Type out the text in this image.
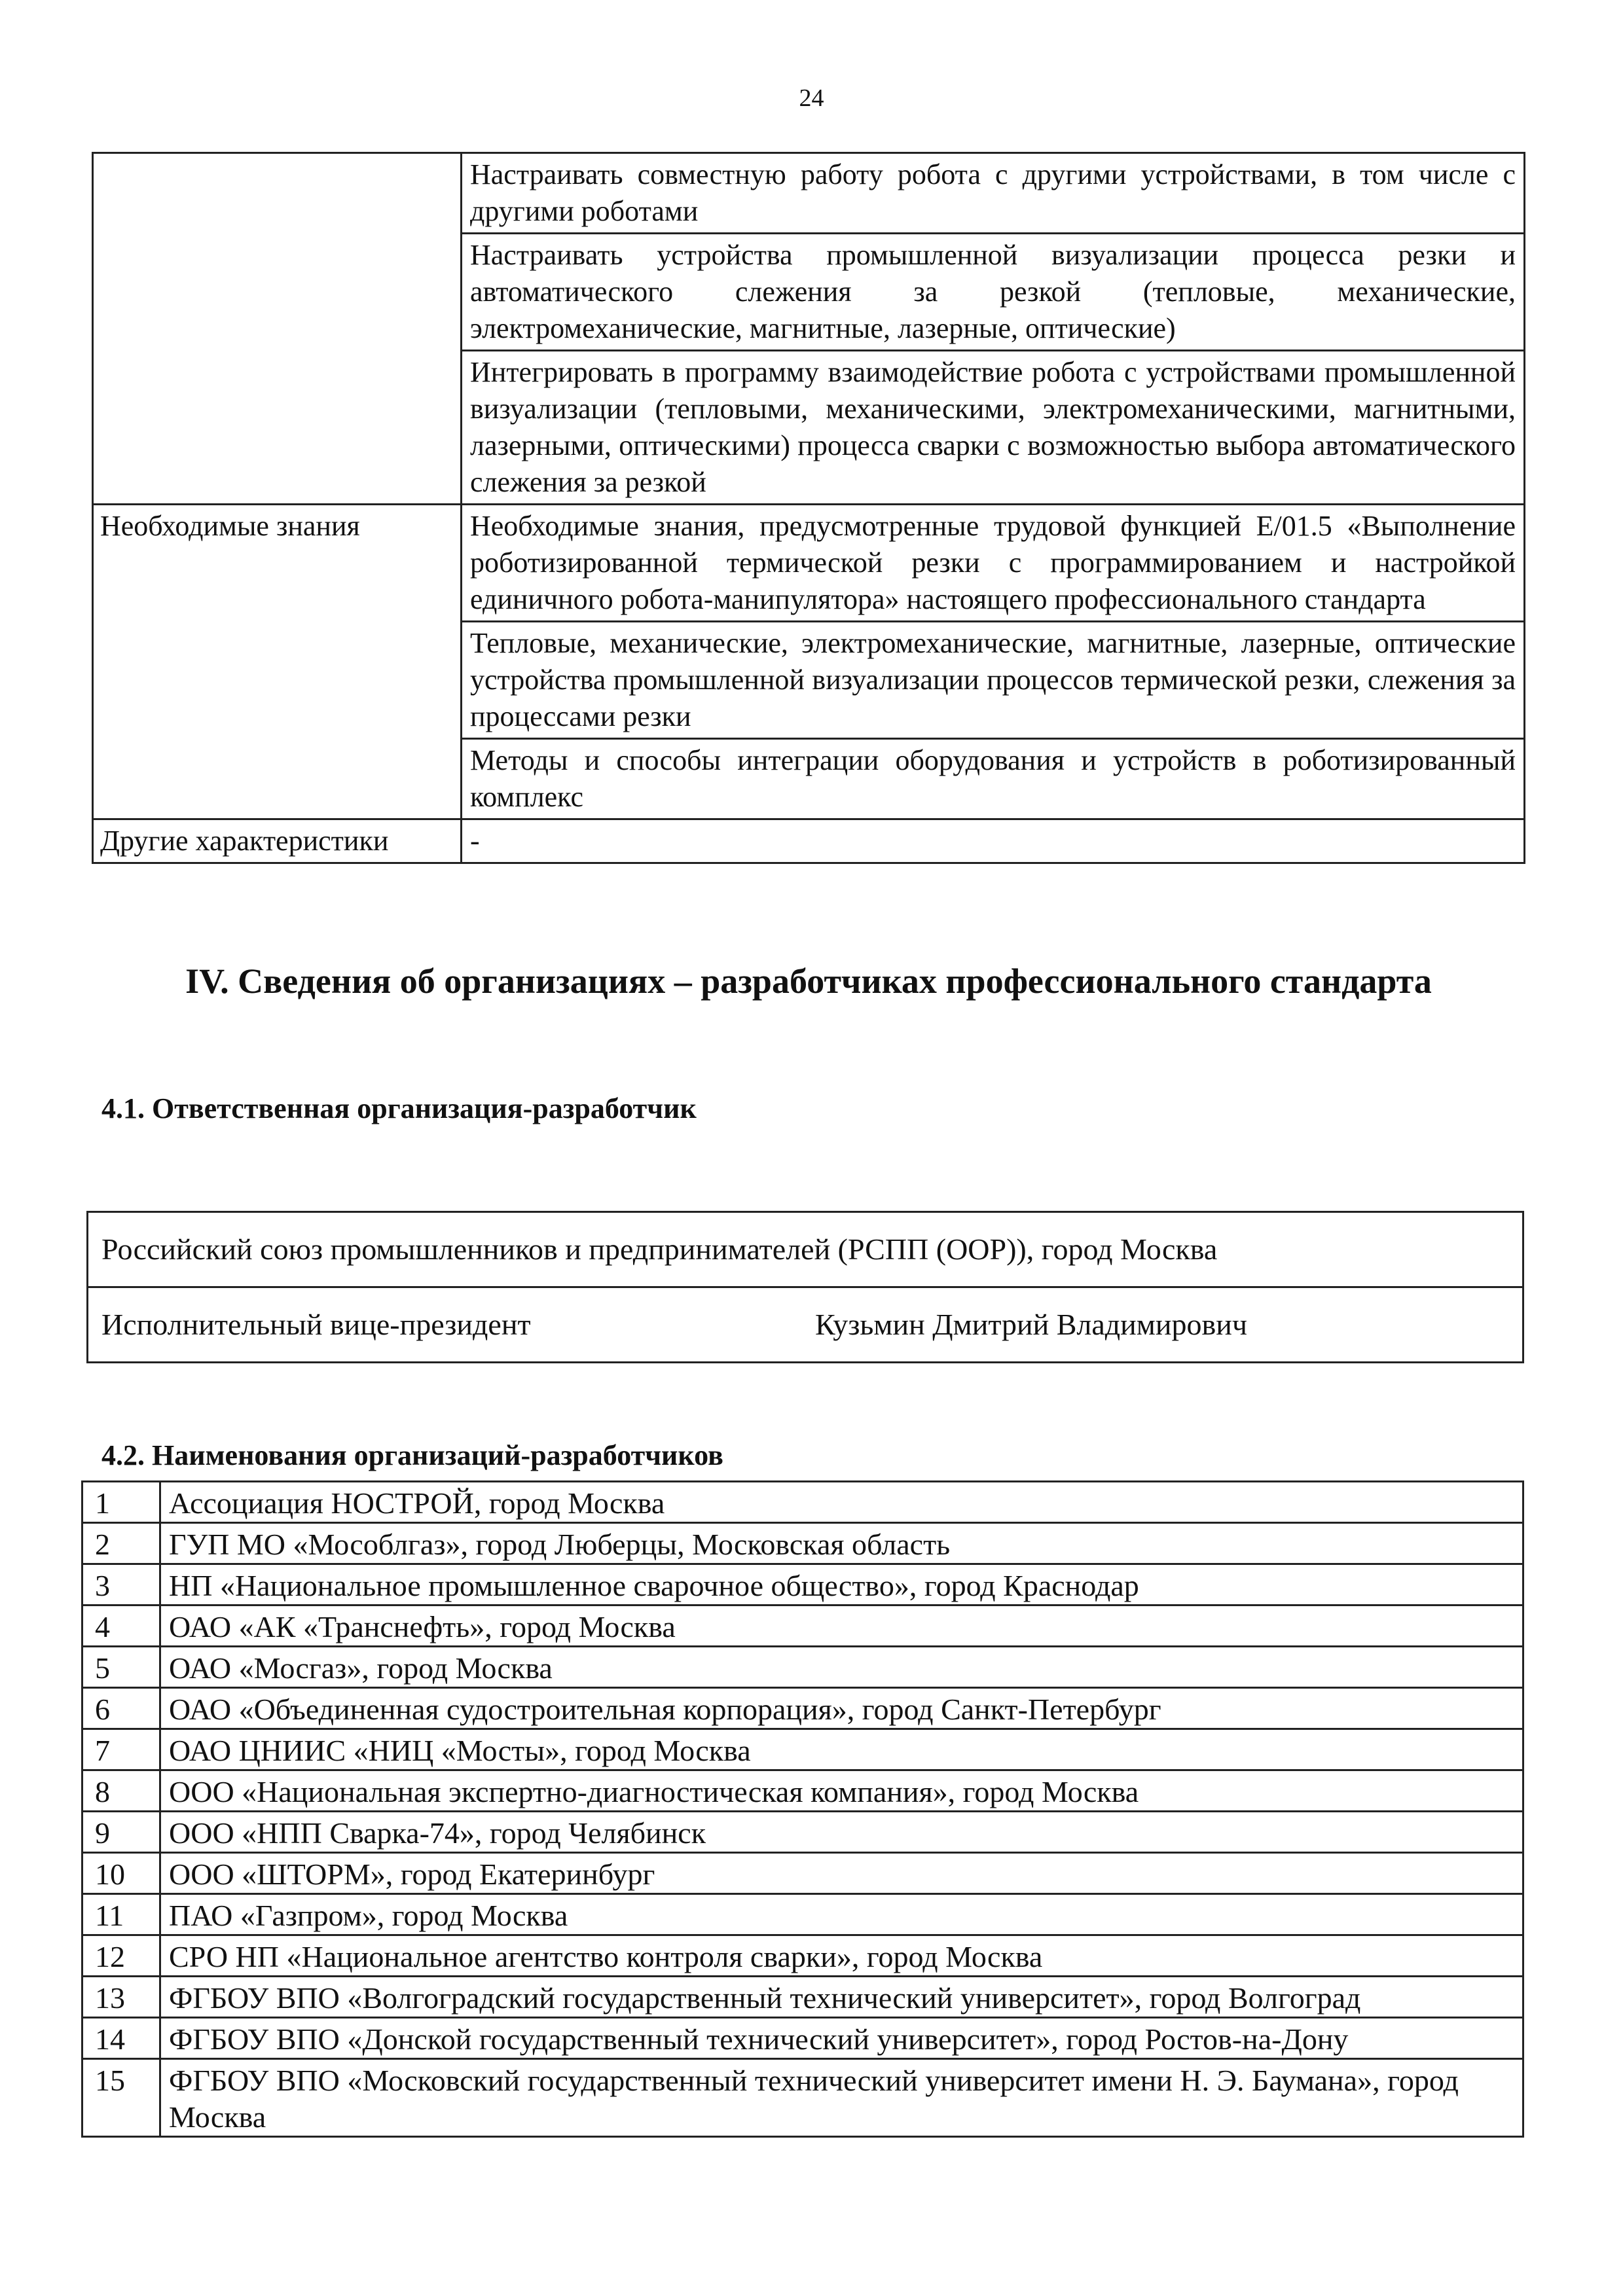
24
	Настраивать совместную работу робота с другими устройствами, в том числе с другими роботами
	Настраивать устройства промышленной визуализации процесса резки и автоматического слежения за резкой (тепловые, механические, электромеханические, магнитные, лазерные, оптические)
	Интегрировать в программу взаимодействие робота с устройствами промышленной визуализации (тепловыми, механическими, электромеханическими, магнитными, лазерными, оптическими) процесса сварки с возможностью выбора автоматического слежения за резкой
Необходимые знания	Необходимые знания, предусмотренные трудовой функцией E/01.5 «Выполнение роботизированной термической резки с программированием и настройкой единичного робота-манипулятора» настоящего профессионального стандарта
	Тепловые, механические, электромеханические, магнитные, лазерные, оптические устройства промышленной визуализации процессов термической резки, слежения за процессами резки
	Методы и способы интеграции оборудования и устройств в роботизированный комплекс
Другие характеристики	-
IV. Сведения об организациях – разработчиках профессионального стандарта
4.1. Ответственная организация-разработчик
Российский союз промышленников и предпринимателей (РСПП (ООР)), город Москва
Исполнительный вице-президент	Кузьмин Дмитрий Владимирович
4.2. Наименования организаций-разработчиков
1	Ассоциация НОСТРОЙ, город Москва
2	ГУП МО «Мособлгаз», город Люберцы, Московская область
3	НП «Национальное промышленное сварочное общество», город Краснодар
4	ОАО «АК «Транснефть», город Москва
5	ОАО «Мосгаз», город Москва
6	ОАО «Объединенная судостроительная корпорация», город Санкт-Петербург
7	ОАО ЦНИИС «НИЦ «Мосты», город Москва
8	ООО «Национальная экспертно-диагностическая компания», город Москва
9	ООО «НПП Сварка-74», город Челябинск
10	ООО «ШТОРМ», город Екатеринбург
11	ПАО «Газпром», город Москва
12	СРО НП «Национальное агентство контроля сварки», город Москва
13	ФГБОУ ВПО «Волгоградский государственный технический университет», город Волгоград
14	ФГБОУ ВПО «Донской государственный технический университет», город Ростов-на-Дону
15	ФГБОУ ВПО «Московский государственный технический университет имени Н. Э. Баумана», город Москва
